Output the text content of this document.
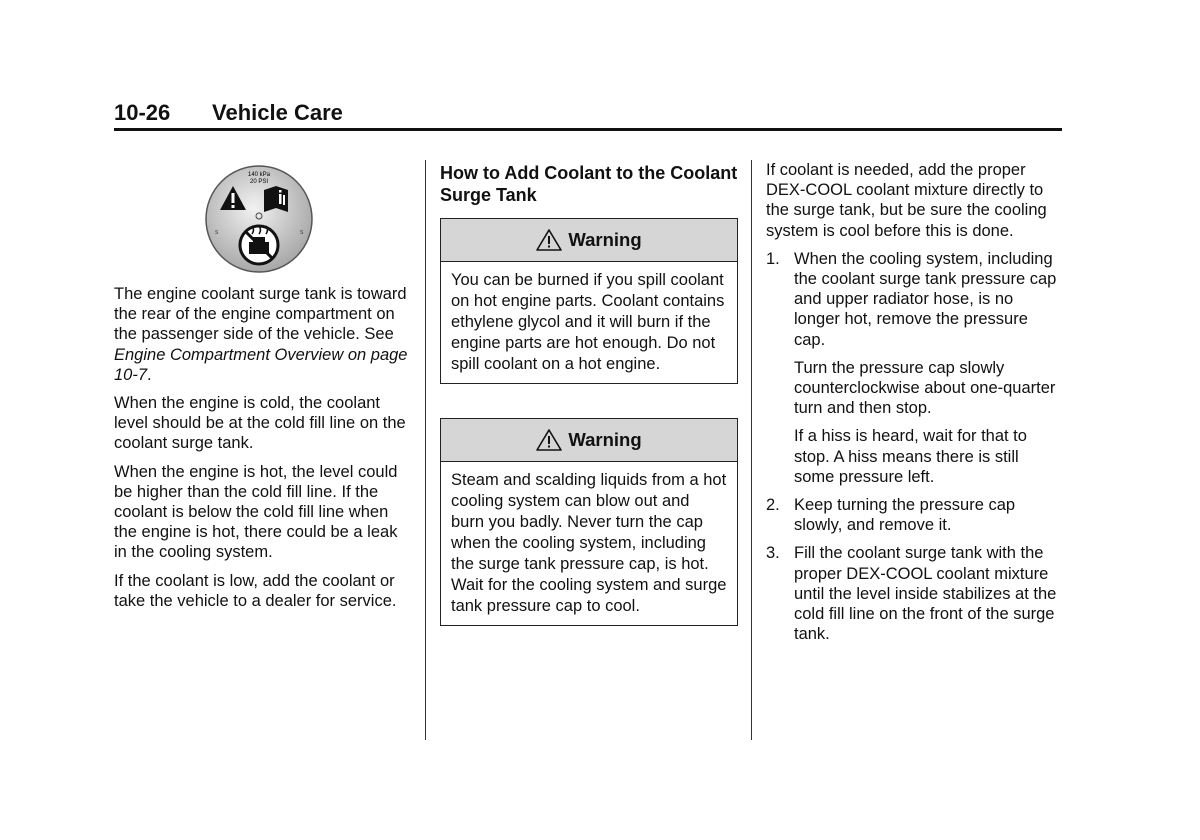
10-26 Vehicle Care
140 kPa
20 PSI
S	S

The engine coolant surge tank is toward the rear of the engine compartment on the passenger side of the vehicle. See Engine Compartment Overview on page 10-7.

When the engine is cold, the coolant level should be at the cold fill line on the coolant surge tank.

When the engine is hot, the level could be higher than the cold fill line. If the coolant is below the cold fill line when the engine is hot, there could be a leak in the cooling system.

If the coolant is low, add the coolant or take the vehicle to a dealer for service.

How to Add Coolant to the Coolant Surge Tank
Warning
You can be burned if you spill coolant on hot engine parts. Coolant contains ethylene glycol and it will burn if the engine parts are hot enough. Do not spill coolant on a hot engine.
Warning
Steam and scalding liquids from a hot cooling system can blow out and burn you badly. Never turn the cap when the cooling system, including the surge tank pressure cap, is hot. Wait for the cooling system and surge tank pressure cap to cool.

If coolant is needed, add the proper DEX-COOL coolant mixture directly to the surge tank, but be sure the cooling system is cool before this is done.

1. When the cooling system, including the coolant surge tank pressure cap and upper radiator hose, is no longer hot, remove the pressure cap.
Turn the pressure cap slowly counterclockwise about one-quarter turn and then stop.
If a hiss is heard, wait for that to stop. A hiss means there is still some pressure left.
2. Keep turning the pressure cap slowly, and remove it.
3. Fill the coolant surge tank with the proper DEX-COOL coolant mixture until the level inside stabilizes at the cold fill line on the front of the surge tank.
